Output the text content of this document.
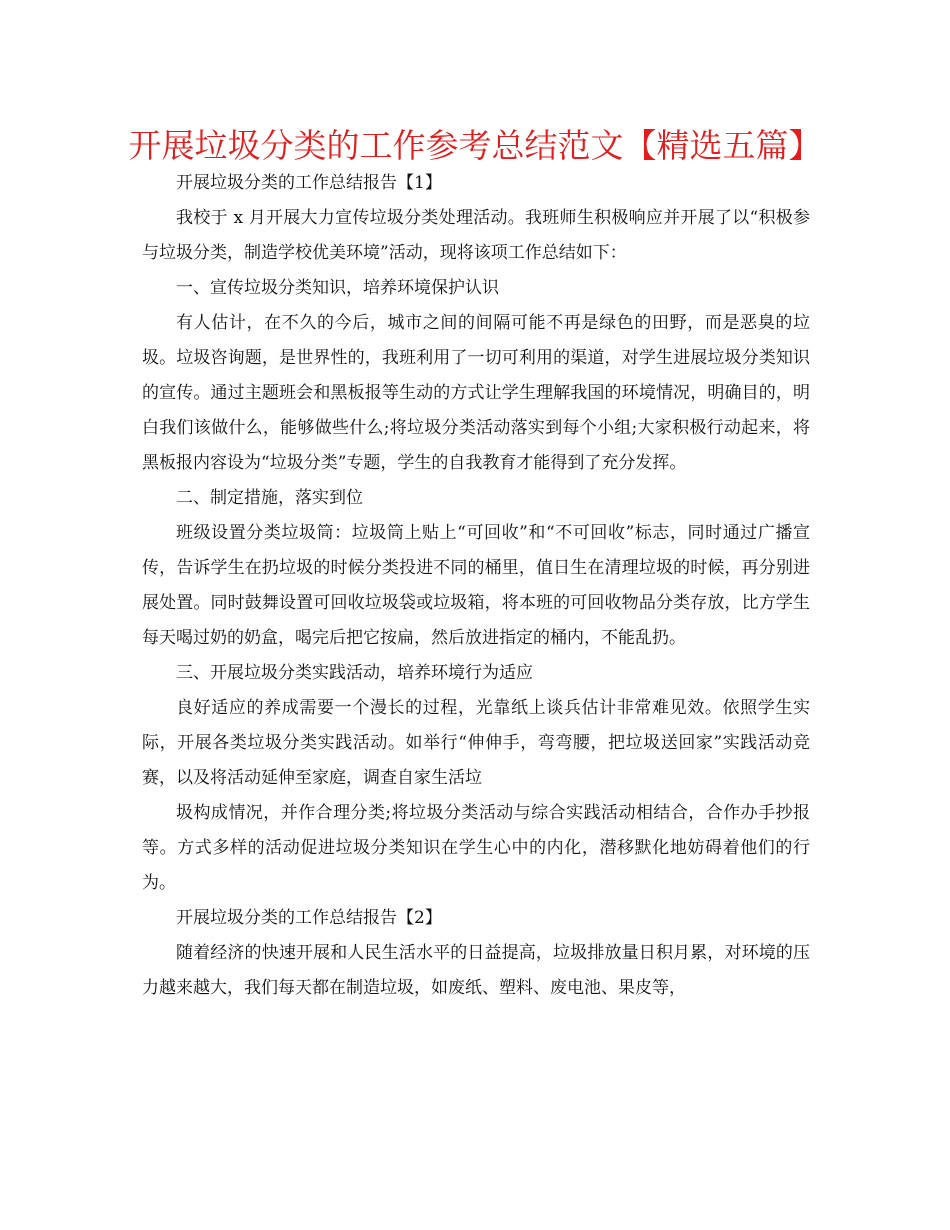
开展垃圾分类的工作参考总结范文【精选五篇】

开展垃圾分类的工作总结报告【1】

我校于 x 月开展大力宣传垃圾分类处理活动。我班师生积极响应并开展了以“积极参与垃圾分类，制造学校优美环境”活动，现将该项工作总结如下：

一、宣传垃圾分类知识，培养环境保护认识

有人估计，在不久的今后，城市之间的间隔可能不再是绿色的田野，而是恶臭的垃圾。垃圾咨询题，是世界性的，我班利用了一切可利用的渠道，对学生进展垃圾分类知识的宣传。通过主题班会和黑板报等生动的方式让学生理解我国的环境情况，明确目的，明白我们该做什么，能够做些什么;将垃圾分类活动落实到每个小组;大家积极行动起来，将黑板报内容设为“垃圾分类”专题，学生的自我教育才能得到了充分发挥。

二、制定措施，落实到位

班级设置分类垃圾筒：垃圾筒上贴上“可回收”和“不可回收”标志，同时通过广播宣传，告诉学生在扔垃圾的时候分类投进不同的桶里，值日生在清理垃圾的时候，再分别进展处置。同时鼓舞设置可回收垃圾袋或垃圾箱，将本班的可回收物品分类存放，比方学生每天喝过奶的奶盒，喝完后把它按扁，然后放进指定的桶内，不能乱扔。

三、开展垃圾分类实践活动，培养环境行为适应

良好适应的养成需要一个漫长的过程，光靠纸上谈兵估计非常难见效。依照学生实际，开展各类垃圾分类实践活动。如举行“伸伸手，弯弯腰，把垃圾送回家”实践活动竞赛，以及将活动延伸至家庭，调查自家生活垃

圾构成情况，并作合理分类;将垃圾分类活动与综合实践活动相结合，合作办手抄报等。方式多样的活动促进垃圾分类知识在学生心中的内化，潜移默化地妨碍着他们的行为。

开展垃圾分类的工作总结报告【2】

随着经济的快速开展和人民生活水平的日益提高，垃圾排放量日积月累，对环境的压力越来越大，我们每天都在制造垃圾，如废纸、塑料、废电池、果皮等，
